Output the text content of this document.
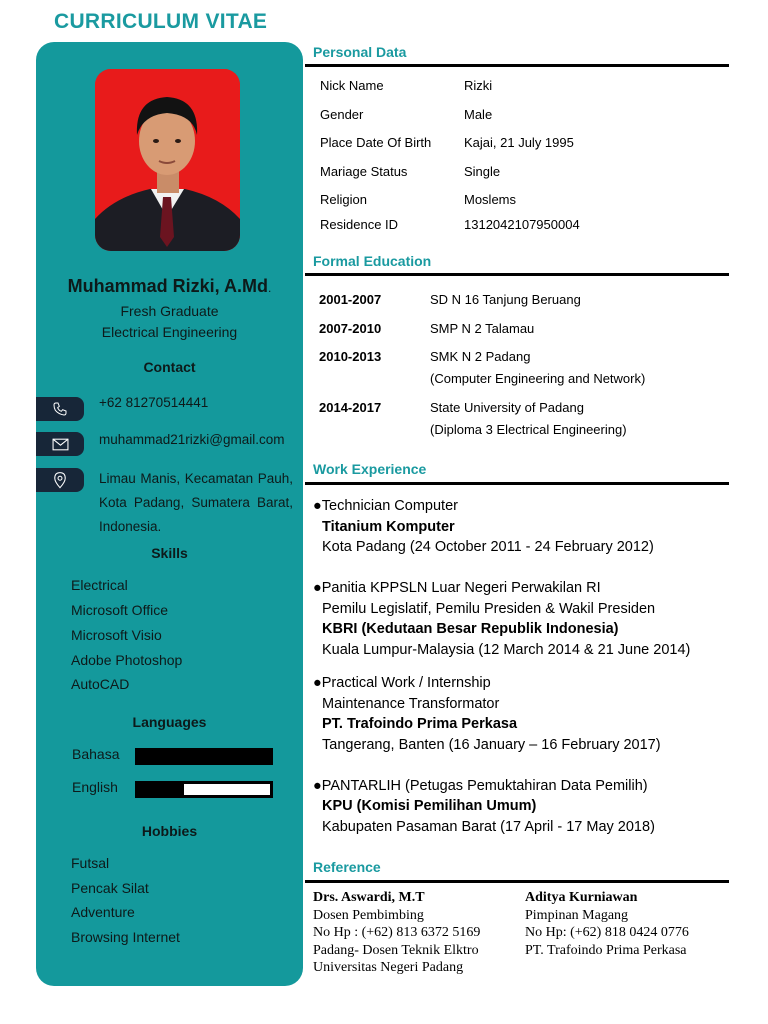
CURRICULUM VITAE
Muhammad Rizki, A.Md.
Fresh Graduate
Electrical Engineering
Contact
+62 81270514441
muhammad21rizki@gmail.com
Limau Manis, Kecamatan Pauh, Kota Padang, Sumatera Barat, Indonesia.
Skills
Electrical
Microsoft Office
Microsoft Visio
Adobe Photoshop
AutoCAD
Languages
Bahasa
English
Hobbies
Futsal
Pencak Silat
Adventure
Browsing Internet
Personal Data
Nick Name	Rizki
Gender	Male
Place Date Of Birth	Kajai, 21 July 1995
Mariage Status	Single
Religion	Moslems
Residence ID	1312042107950004
Formal Education
2001-2007	SD N 16 Tanjung Beruang
2007-2010	SMP N 2 Talamau
2010-2013	SMK N 2 Padang
(Computer Engineering and Network)
2014-2017	State University of Padang
(Diploma 3 Electrical Engineering)
Work Experience
●Technician Computer
Titanium Komputer
Kota Padang (24 October 2011 - 24 February 2012)
●Panitia KPPSLN Luar Negeri Perwakilan RI
Pemilu Legislatif, Pemilu Presiden & Wakil Presiden
KBRI (Kedutaan Besar Republik Indonesia)
Kuala Lumpur-Malaysia (12 March 2014 & 21 June 2014)
●Practical Work / Internship
Maintenance Transformator
PT. Trafoindo Prima Perkasa
Tangerang, Banten (16 January – 16 February 2017)
●PANTARLIH (Petugas Pemuktahiran Data Pemilih)
KPU (Komisi Pemilihan Umum)
Kabupaten Pasaman Barat (17 April - 17 May 2018)
Reference
Drs. Aswardi, M.T
Dosen Pembimbing
No Hp : (+62) 813 6372 5169
Padang- Dosen Teknik Elktro
Universitas Negeri Padang
Aditya Kurniawan
Pimpinan Magang
No Hp: (+62) 818 0424 0776
PT. Trafoindo Prima Perkasa
